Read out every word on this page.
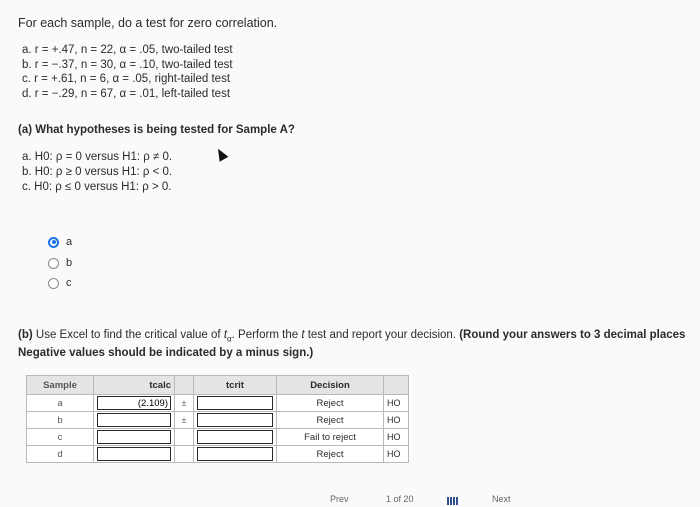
For each sample, do a test for zero correlation.
a. r = +.47, n = 22, α = .05, two-tailed test
b. r = −.37, n = 30, α = .10, two-tailed test
c. r = +.61, n = 6, α = .05, right-tailed test
d. r = −.29, n = 67, α = .01, left-tailed test
(a) What hypotheses is being tested for Sample A?
a. H0: ρ = 0 versus H1: ρ ≠ 0.
b. H0: ρ ≥ 0 versus H1: ρ < 0.
c. H0: ρ ≤ 0 versus H1: ρ > 0.
a
b
c
(b) Use Excel to find the critical value of $t_\alpha$. Perform the t test and report your decision. (Round your answers to 3 decimal places
Negative values should be indicated by a minus sign.)
Sample	tcalc		tcrit	Decision	
a	(2.109)	±		Reject	HO
b		±		Reject	HO
c				Fail to reject	HO
d				Reject	HO
Prev	1 of 20	Next
